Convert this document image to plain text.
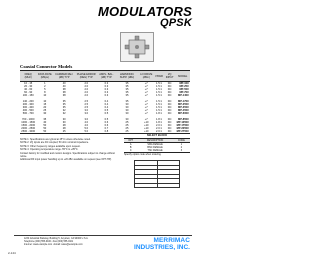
MODULATORS
QPSK
Coaxial Connector Models
FREQ (MHz)	DATA RATE (Mbps)	CARRIER REJ. (dB) TYP	PHASE ERROR (DEG) TYP	AMPL. BAL. (dB) TYP	HARMONIC SUPP. (dBc)	LO DRIVE (dBm)	VSWR	I/Q INPUT	MODEL
10 - 15	1	40	2.0	0.3	35	+7	1.5:1	DC	MP-10C
20 - 30	2	40	2.0	0.3	35	+7	1.5:1	DC	MP-25C
40 - 60	5	38	2.0	0.3	35	+7	1.5:1	DC	MP-50C
60 - 90	8	38	2.0	0.3	35	+7	1.5:1	DC	MP-70C
100 - 150	10	38	2.0	0.3	35	+7	1.5:1	DC	MP-140C

140 - 200	10	35	2.5	0.4	35	+7	1.5:1	DC	MP-170C
200 - 300	15	35	2.5	0.4	30	+7	1.5:1	DC	MP-250C
300 - 400	20	35	2.5	0.4	30	+7	1.5:1	DC	MP-350C
400 - 500	25	32	3.0	0.5	30	+7	1.5:1	DC	MP-450C
500 - 700	30	32	3.0	0.5	30	+7	1.8:1	DC	MP-600C

700 - 1000	35	30	3.0	0.5	30	+7	1.8:1	DC	MP-850C
1000 - 1500	40	30	4.0	0.6	25	+10	1.8:1	DC	MP-1250C
1500 - 2000	50	28	4.0	0.6	25	+10	2.0:1	DC	MP-1750C
2000 - 2500	50	28	5.0	0.7	25	+10	2.0:1	DC	MP-2250C
2500 - 3000	50	25	5.0	0.8	25	+10	2.0:1	DC	MP-2750C

NOTE 1: Specifications are typical at 25°C unless otherwise noted.

NOTE 2: I/Q inputs are DC coupled; 50 ohm nominal impedance.

NOTE 3: Other frequency ranges available upon request.

NOTE 4: Operating temperature range -55°C to +85°C.

Contact factory for modified and custom designs. Specifications subject to change without notice.

Additional RF input power handling up to +20 dBm available on request (see OPT-HP).

SELECT BLOCK
OPT	DESCRIPTION	CODE
A	SMA FEMALE	1
B	BNC FEMALE	2
C	TNC FEMALE	3
Specify option code when ordering.

1234 Industrial Parkway, Building 5, Anytown, CA 90000 U.S.A.
Telephone (000) 555-0100 • Fax (000) 555-0101
Internet: www.example.com • Email: sales@example.com
MERRIMAC
INDUSTRIES, INC.
2-144
